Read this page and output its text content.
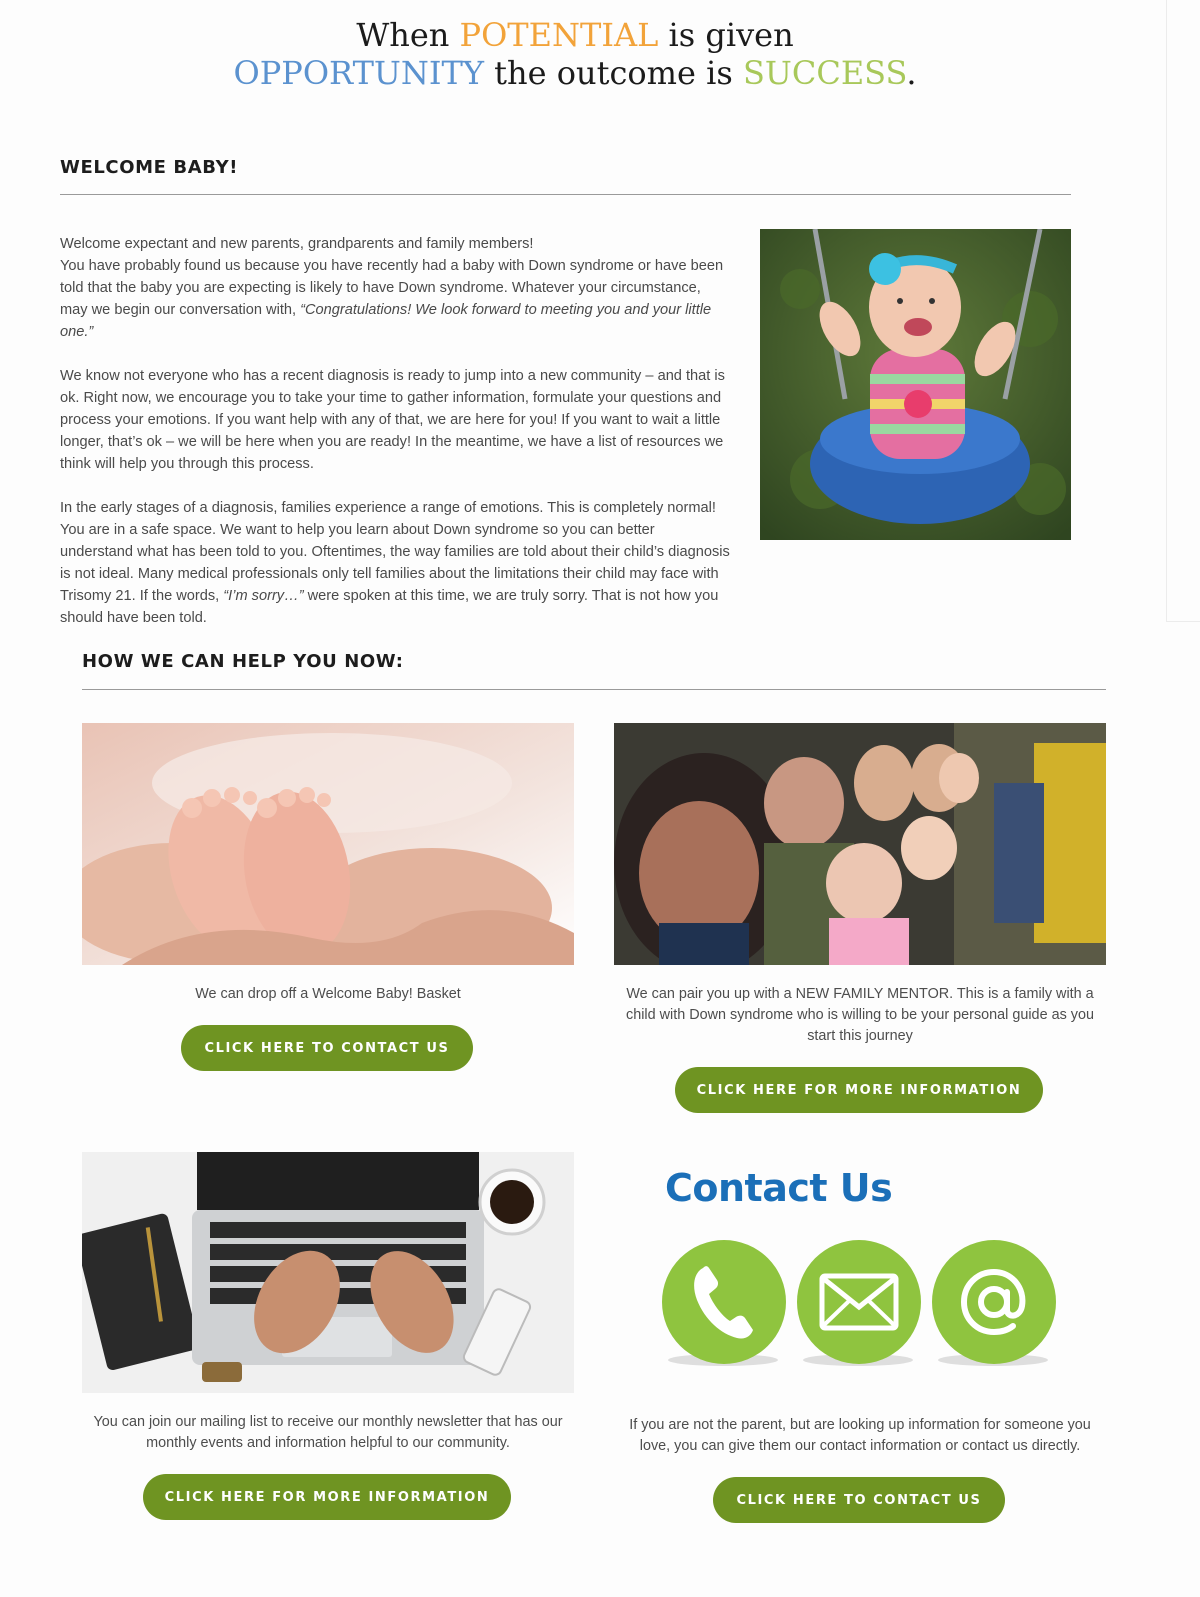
When POTENTIAL is given
OPPORTUNITY the outcome is SUCCESS.
WELCOME BABY!

Welcome expectant and new parents, grandparents and family members!
You have probably found us because you have recently had a baby with Down syndrome or have been told that the baby you are expecting is likely to have Down syndrome. Whatever your circumstance, may we begin our conversation with, “Congratulations! We look forward to meeting you and your little one.”

We know not everyone who has a recent diagnosis is ready to jump into a new community – and that is ok. Right now, we encourage you to take your time to gather information, formulate your questions and process your emotions. If you want help with any of that, we are here for you! If you want to wait a little longer, that’s ok – we will be here when you are ready! In the meantime, we have a list of resources we think will help you through this process.

In the early stages of a diagnosis, families experience a range of emotions. This is completely normal! You are in a safe space. We want to help you learn about Down syndrome so you can better understand what has been told to you. Oftentimes, the way families are told about their child’s diagnosis is not ideal. Many medical professionals only tell families about the limitations their child may face with Trisomy 21. If the words, “I’m sorry…” were spoken at this time, we are truly sorry. That is not how you should have been told.

HOW WE CAN HELP YOU NOW:
We can drop off a Welcome Baby! Basket
CLICK HERE TO CONTACT US
We can pair you up with a NEW FAMILY MENTOR. This is a family with a child with Down syndrome who is willing to be your personal guide as you start this journey
CLICK HERE FOR MORE INFORMATION
You can join our mailing list to receive our monthly newsletter that has our monthly events and information helpful to our community.
CLICK HERE FOR MORE INFORMATION
Contact Us
If you are not the parent, but are looking up information for someone you love, you can give them our contact information or contact us directly.
CLICK HERE TO CONTACT US
